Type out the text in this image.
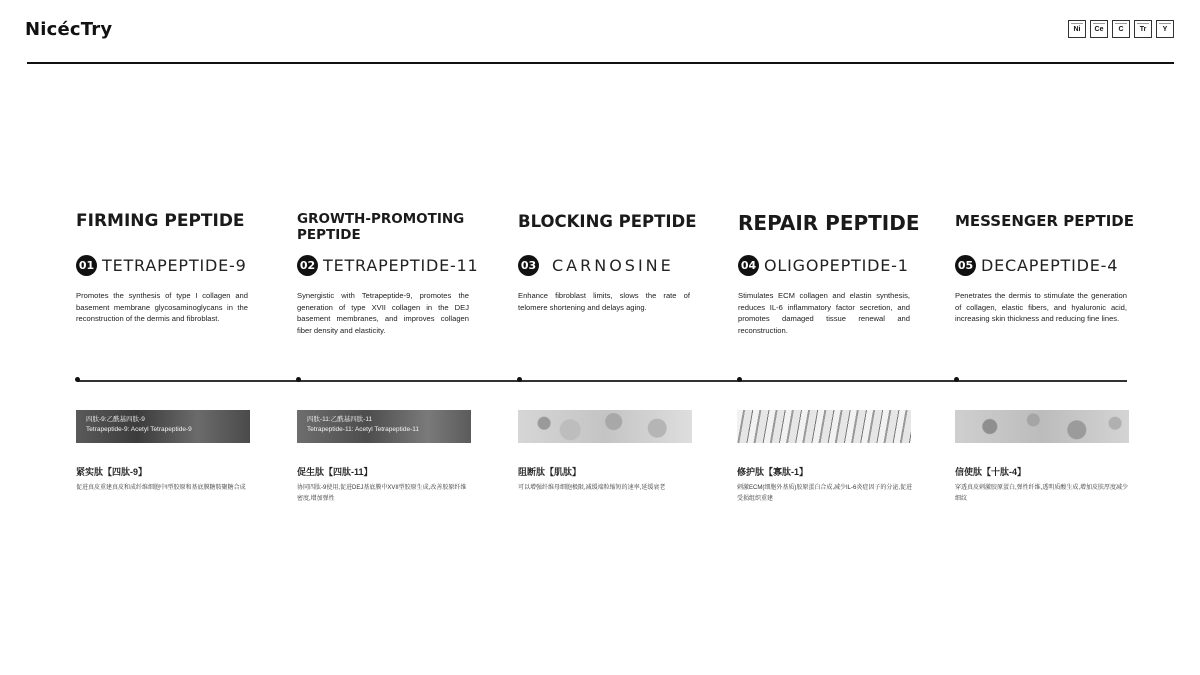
NicécTry	Ni	Ce	C	Tr	Y
FIRMING PEPTIDE
01 TETRAPEPTIDE-9
Promotes the synthesis of type I collagen and basement membrane glycosaminoglycans in the reconstruction of the dermis and fibroblast.
GROWTH-PROMOTING PEPTIDE
02 TETRAPEPTIDE-11
Synergistic with Tetrapeptide-9, promotes the generation of type XVII collagen in the DEJ basement membranes, and improves collagen fiber density and elasticity.
BLOCKING PEPTIDE
03 CARNOSINE
Enhance fibroblast limits, slows the rate of telomere shortening and delays aging.
REPAIR PEPTIDE
04 OLIGOPEPTIDE-1
Stimulates ECM collagen and elastin synthesis, reduces IL-6 inflammatory factor secretion, and promotes damaged tissue renewal and reconstruction.
MESSENGER PEPTIDE
05 DECAPEPTIDE-4
Penetrates the dermis to stimulate the generation of collagen, elastic fibers, and hyaluronic acid, increasing skin thickness and reducing fine lines.
四肽-9:乙酰基四肽-9
Tetrapeptide-9: Acetyl Tetrapeptide-9
四肽-11:乙酰基四肽-11
Tetrapeptide-11: Acetyl Tetrapeptide-11
紧实肽【四肽-9】
促进真皮重建真皮和成纤维细胞中I型胶原和基底膜糖胺聚糖合成
促生肽【四肽-11】
协同四肽-9使用,促进DEJ基底膜中XVII型胶原生成,改善胶原纤维密度,增加弹性
阻断肽【肌肽】
可以增强纤维母细胞极限,减缓端粒缩短的速率,延缓衰老
修护肽【寡肽-1】
刺激ECM(细胞外基质)胶原蛋白合成,减少IL-6炎症因子的分泌,促进受损组织重建
信使肽【十肽-4】
穿透真皮刺激胶原蛋白,弹性纤维,透明质酸生成,增加皮肤厚度减少细纹
